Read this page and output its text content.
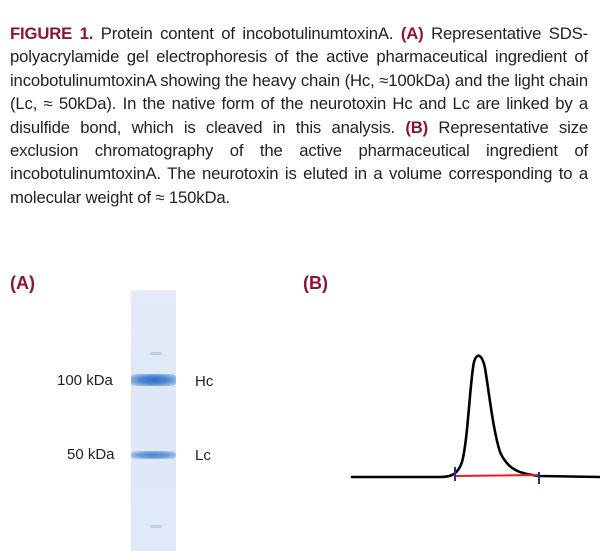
FIGURE 1. Protein content of incobotulinumtoxinA. (A) Representative SDS-polyacrylamide gel electrophoresis of the active pharmaceutical ingredient of incobotulinumtoxinA showing the heavy chain (Hc, ≈100kDa) and the light chain (Lc, ≈ 50kDa). In the native form of the neurotoxin Hc and Lc are linked by a disulfide bond, which is cleaved in this analysis. (B) Representative size exclusion chromatography of the active pharmaceutical ingredient of incobotulinumtoxinA. The neurotoxin is eluted in a volume corresponding to a molecular weight of ≈ 150kDa.
(A)	(B)
100 kDa
50 kDa
Hc
Lc
